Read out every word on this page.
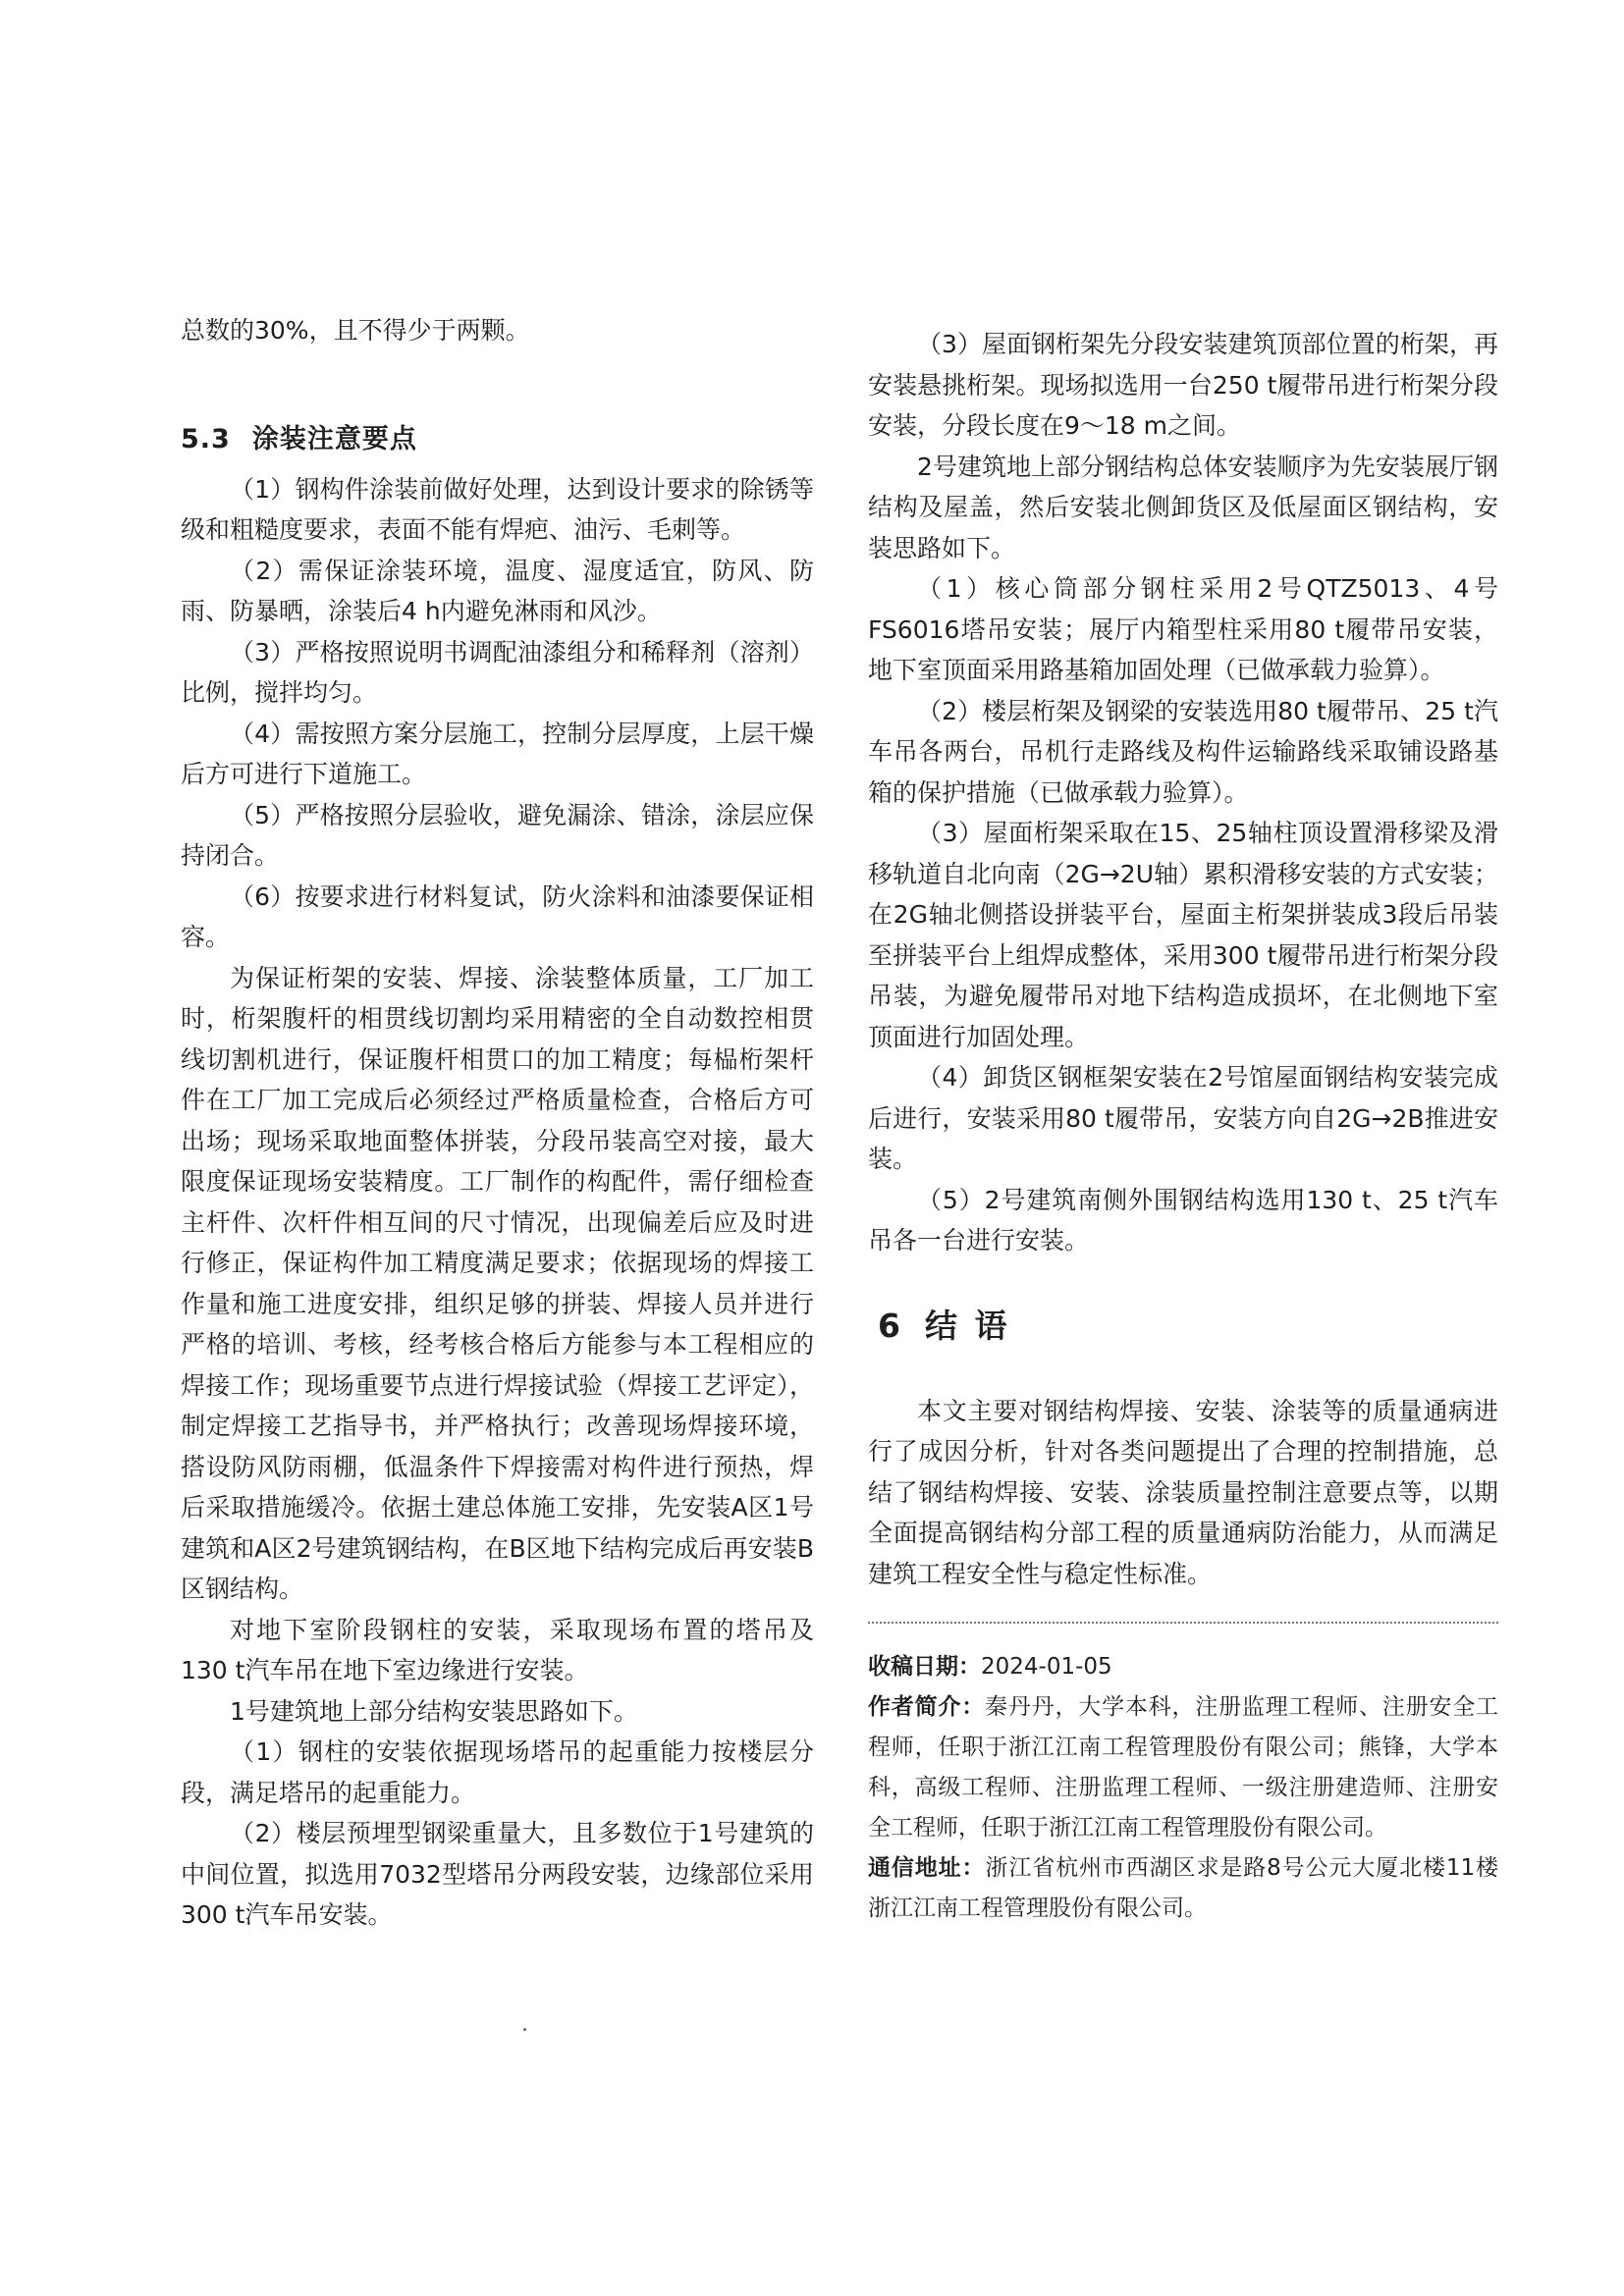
总数的30%，且不得少于两颗。

5.3 涂装注意要点

（1）钢构件涂装前做好处理，达到设计要求的除锈等级和粗糙度要求，表面不能有焊疤、油污、毛刺等。

（2）需保证涂装环境，温度、湿度适宜，防风、防雨、防暴晒，涂装后4 h内避免淋雨和风沙。

（3）严格按照说明书调配油漆组分和稀释剂（溶剂）比例，搅拌均匀。

（4）需按照方案分层施工，控制分层厚度，上层干燥后方可进行下道施工。

（5）严格按照分层验收，避免漏涂、错涂，涂层应保持闭合。

（6）按要求进行材料复试，防火涂料和油漆要保证相容。

为保证桁架的安装、焊接、涂装整体质量，工厂加工时，桁架腹杆的相贯线切割均采用精密的全自动数控相贯线切割机进行，保证腹杆相贯口的加工精度；每榀桁架杆件在工厂加工完成后必须经过严格质量检查，合格后方可出场；现场采取地面整体拼装，分段吊装高空对接，最大限度保证现场安装精度。工厂制作的构配件，需仔细检查主杆件、次杆件相互间的尺寸情况，出现偏差后应及时进行修正，保证构件加工精度满足要求；依据现场的焊接工作量和施工进度安排，组织足够的拼装、焊接人员并进行严格的培训、考核，经考核合格后方能参与本工程相应的焊接工作；现场重要节点进行焊接试验（焊接工艺评定），制定焊接工艺指导书，并严格执行；改善现场焊接环境，搭设防风防雨棚，低温条件下焊接需对构件进行预热，焊后采取措施缓冷。依据土建总体施工安排，先安装A区1号建筑和A区2号建筑钢结构，在B区地下结构完成后再安装B区钢结构。

对地下室阶段钢柱的安装，采取现场布置的塔吊及130 t汽车吊在地下室边缘进行安装。

1号建筑地上部分结构安装思路如下。

（1）钢柱的安装依据现场塔吊的起重能力按楼层分段，满足塔吊的起重能力。

（2）楼层预埋型钢梁重量大，且多数位于1号建筑的中间位置，拟选用7032型塔吊分两段安装，边缘部位采用300 t汽车吊安装。

（3）屋面钢桁架先分段安装建筑顶部位置的桁架，再安装悬挑桁架。现场拟选用一台250 t履带吊进行桁架分段安装，分段长度在9～18 m之间。

2号建筑地上部分钢结构总体安装顺序为先安装展厅钢结构及屋盖，然后安装北侧卸货区及低屋面区钢结构，安装思路如下。

（1）核心筒部分钢柱采用2号QTZ5013、4号FS6016塔吊安装；展厅内箱型柱采用80 t履带吊安装，地下室顶面采用路基箱加固处理（已做承载力验算）。

（2）楼层桁架及钢梁的安装选用80 t履带吊、25 t汽车吊各两台，吊机行走路线及构件运输路线采取铺设路基箱的保护措施（已做承载力验算）。

（3）屋面桁架采取在15、25轴柱顶设置滑移梁及滑移轨道自北向南（2G→2U轴）累积滑移安装的方式安装；在2G轴北侧搭设拼装平台，屋面主桁架拼装成3段后吊装至拼装平台上组焊成整体，采用300 t履带吊进行桁架分段吊装，为避免履带吊对地下结构造成损坏，在北侧地下室顶面进行加固处理。

（4）卸货区钢框架安装在2号馆屋面钢结构安装完成后进行，安装采用80 t履带吊，安装方向自2G→2B推进安装。

（5）2号建筑南侧外围钢结构选用130 t、25 t汽车吊各一台进行安装。

6 结 语

本文主要对钢结构焊接、安装、涂装等的质量通病进行了成因分析，针对各类问题提出了合理的控制措施，总结了钢结构焊接、安装、涂装质量控制注意要点等，以期全面提高钢结构分部工程的质量通病防治能力，从而满足建筑工程安全性与稳定性标准。

收稿日期：2024-01-05

作者简介：秦丹丹，大学本科，注册监理工程师、注册安全工程师，任职于浙江江南工程管理股份有限公司；熊锋，大学本科，高级工程师、注册监理工程师、一级注册建造师、注册安全工程师，任职于浙江江南工程管理股份有限公司。

通信地址：浙江省杭州市西湖区求是路8号公元大厦北楼11楼 浙江江南工程管理股份有限公司。
